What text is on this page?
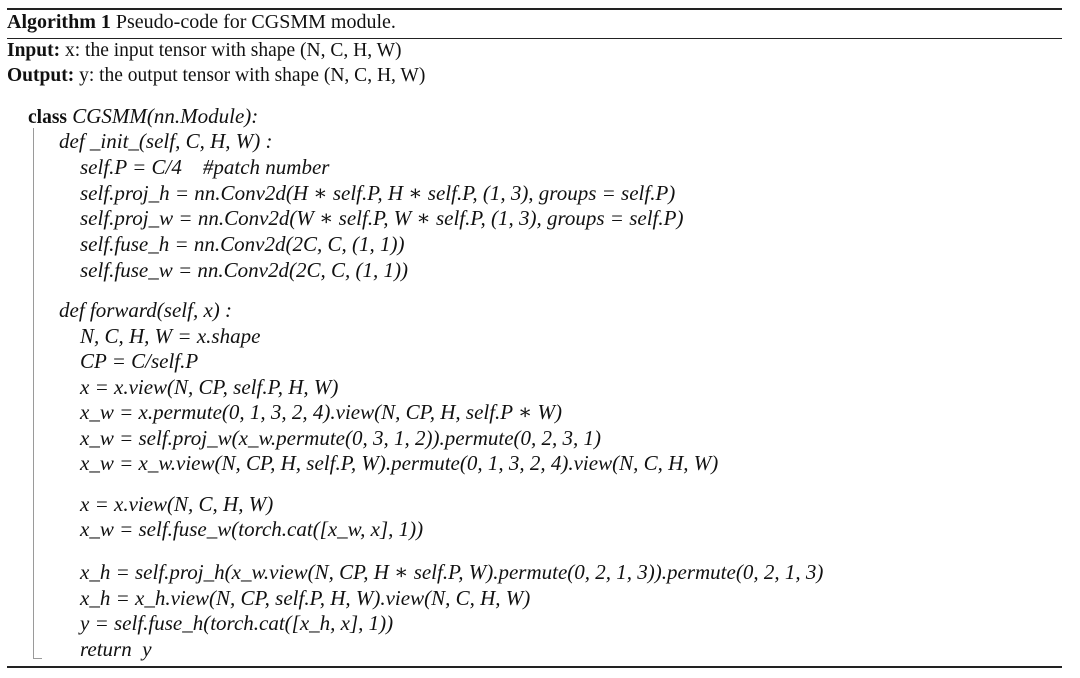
Algorithm 1 Pseudo-code for CGSMM module.
Input: x: the input tensor with shape (N, C, H, W)
Output: y: the output tensor with shape (N, C, H, W)
class CGSMM(nn.Module):
def _init_(self, C, H, W) :
self.P = C/4    #patch number
self.proj_h = nn.Conv2d(H ∗ self.P, H ∗ self.P, (1, 3), groups = self.P)
self.proj_w = nn.Conv2d(W ∗ self.P, W ∗ self.P, (1, 3), groups = self.P)
self.fuse_h = nn.Conv2d(2C, C, (1, 1))
self.fuse_w = nn.Conv2d(2C, C, (1, 1))
def forward(self, x) :
N, C, H, W = x.shape
CP = C/self.P
x = x.view(N, CP, self.P, H, W)
x_w = x.permute(0, 1, 3, 2, 4).view(N, CP, H, self.P ∗ W)
x_w = self.proj_w(x_w.permute(0, 3, 1, 2)).permute(0, 2, 3, 1)
x_w = x_w.view(N, CP, H, self.P, W).permute(0, 1, 3, 2, 4).view(N, C, H, W)
x = x.view(N, C, H, W)
x_w = self.fuse_w(torch.cat([x_w, x], 1))
x_h = self.proj_h(x_w.view(N, CP, H ∗ self.P, W).permute(0, 2, 1, 3)).permute(0, 2, 1, 3)
x_h = x_h.view(N, CP, self.P, H, W).view(N, C, H, W)
y = self.fuse_h(torch.cat([x_h, x], 1))
return  y
